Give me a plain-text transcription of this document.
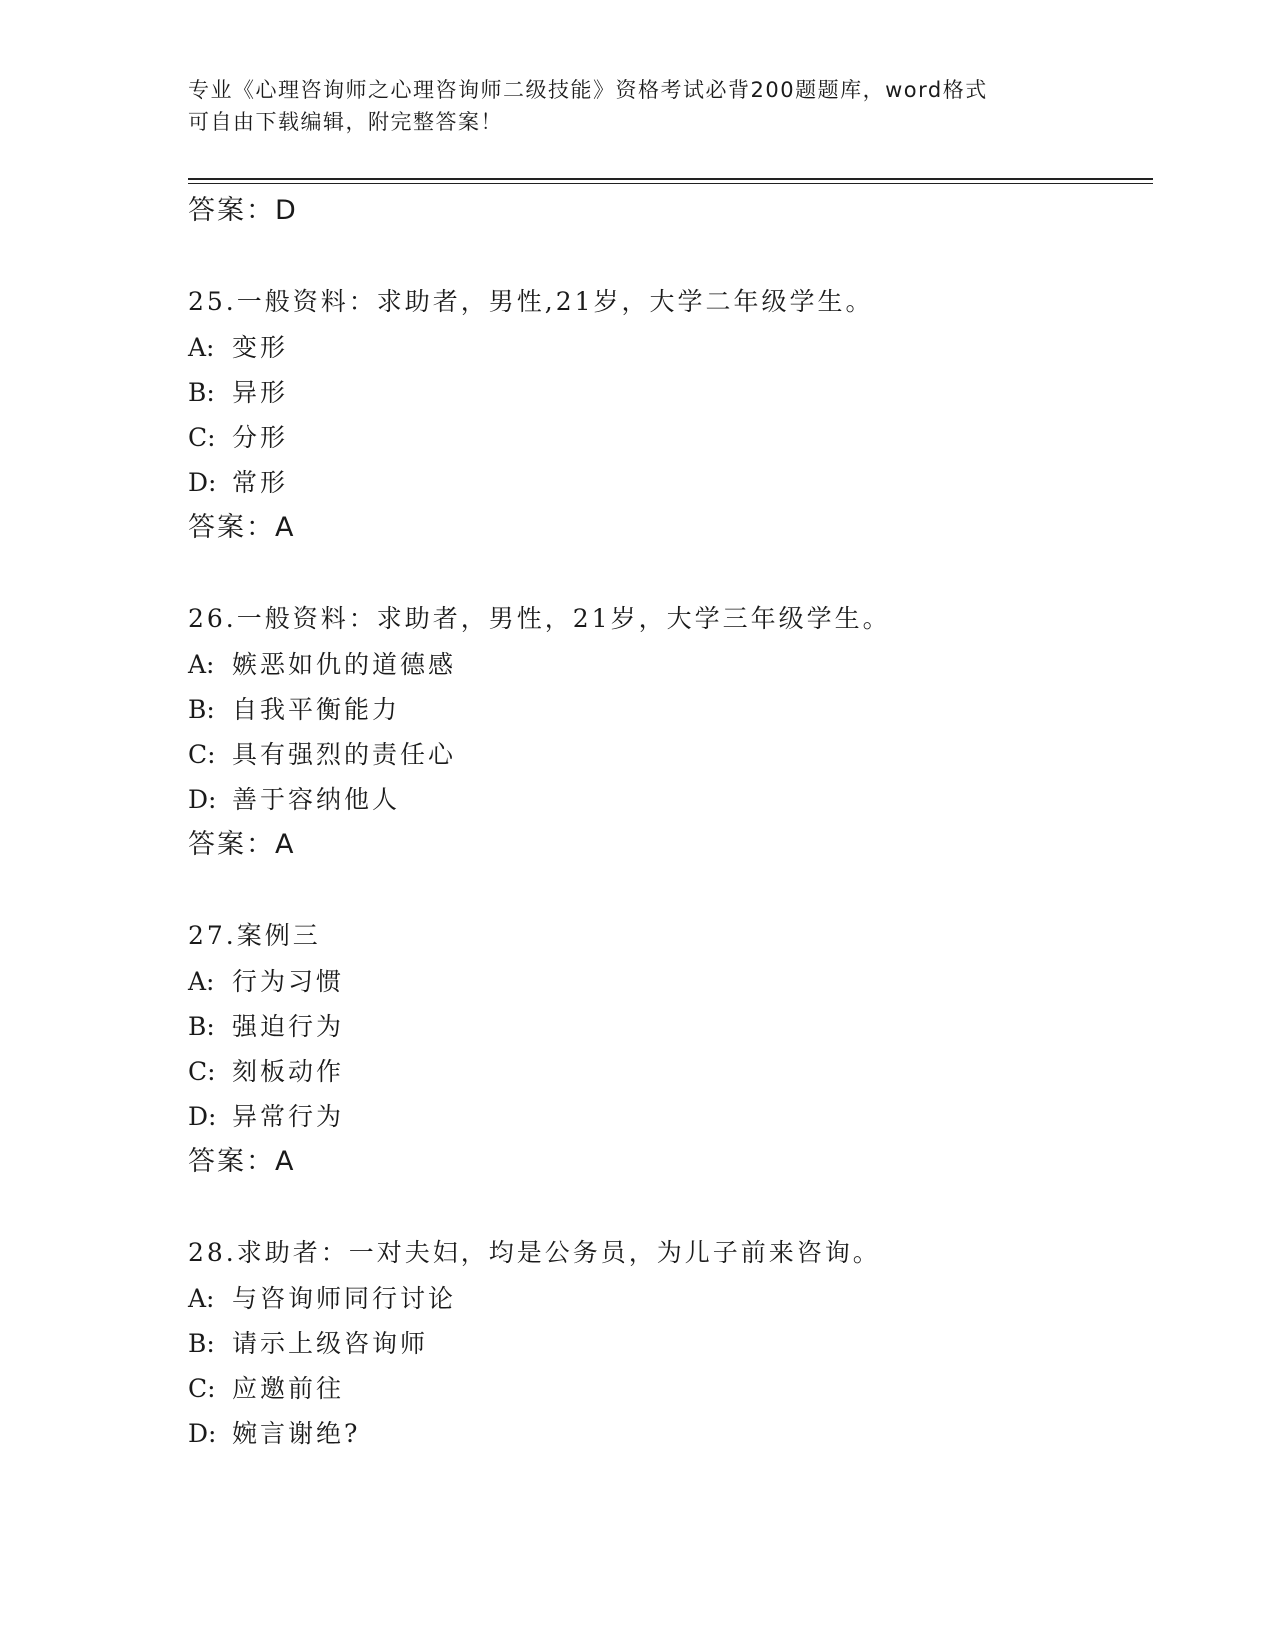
专业《心理咨询师之心理咨询师二级技能》资格考试必背200题题库，word格式
可自由下载编辑，附完整答案！
答案：D
25.一般资料：求助者，男性,21岁，大学二年级学生。
A: 变形
B: 异形
C: 分形
D: 常形
答案：A
26.一般资料：求助者，男性，21岁，大学三年级学生。
A: 嫉恶如仇的道德感
B: 自我平衡能力
C: 具有强烈的责任心
D: 善于容纳他人
答案：A
27.案例三
A: 行为习惯
B: 强迫行为
C: 刻板动作
D: 异常行为
答案：A
28.求助者：一对夫妇，均是公务员，为儿子前来咨询。
A: 与咨询师同行讨论
B: 请示上级咨询师
C: 应邀前往
D: 婉言谢绝?
